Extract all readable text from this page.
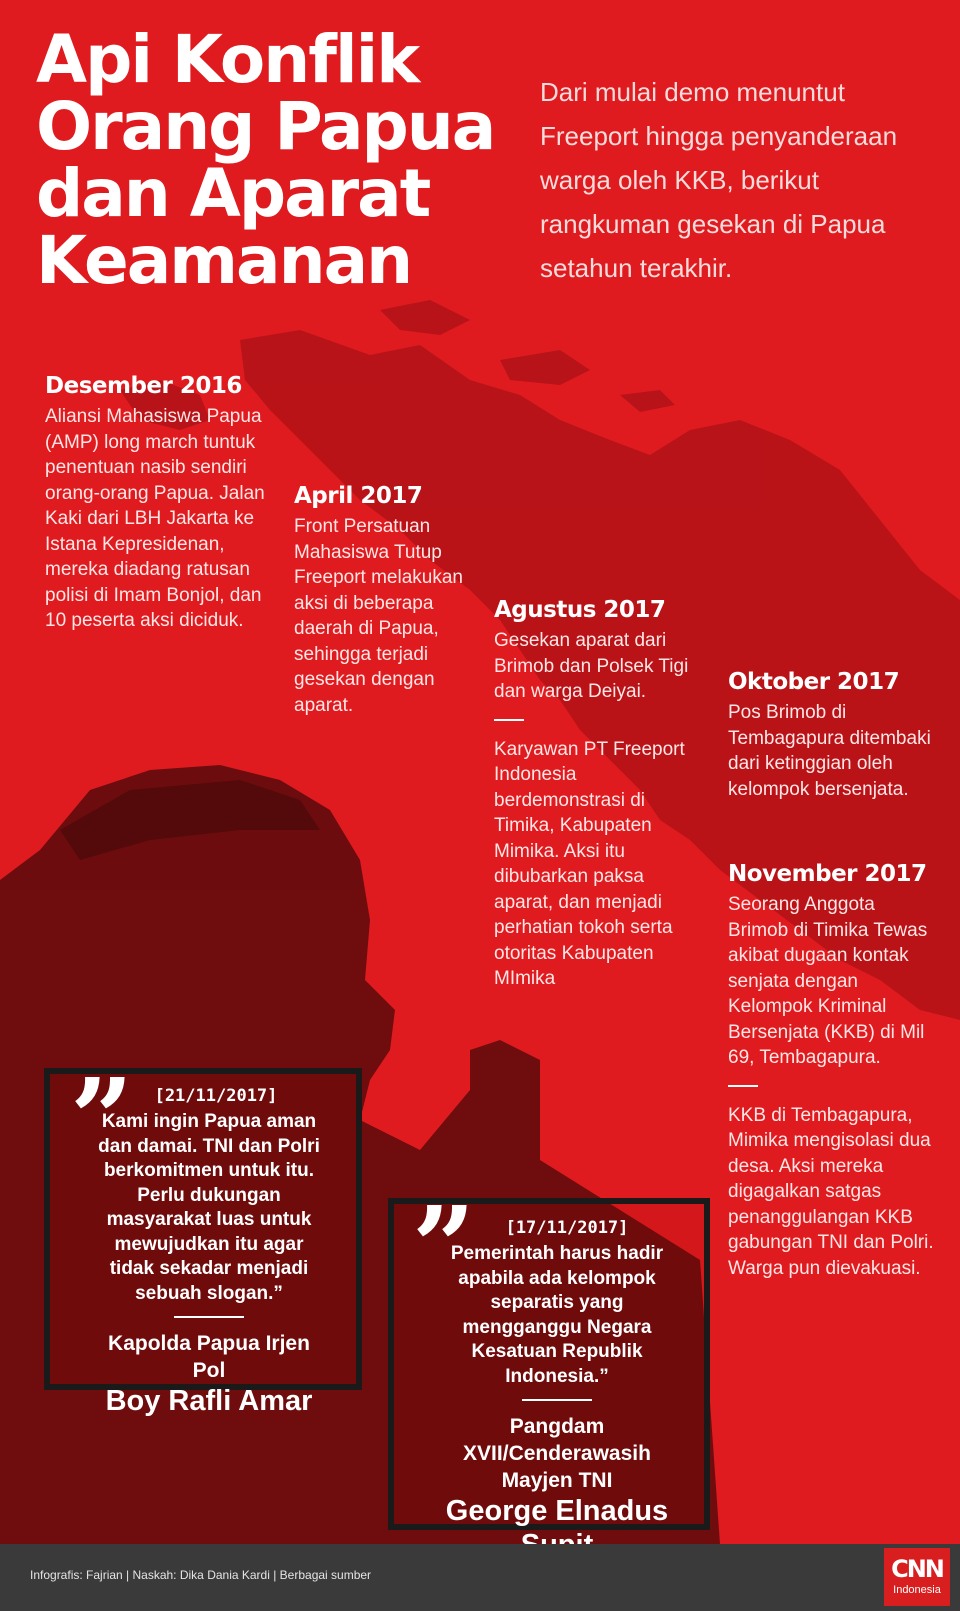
Api Konflik Orang Papua dan Aparat Keamanan

Dari mulai demo menuntut Freeport hingga penyanderaan warga oleh KKB, berikut rangkuman gesekan di Papua setahun terakhir.

Desember 2016

Aliansi Mahasiswa Papua (AMP) long march tuntuk penentuan nasib sendiri orang-orang Papua. Jalan Kaki dari LBH Jakarta ke Istana Kepresidenan, mereka diadang ratusan polisi di Imam Bonjol, dan 10 peserta aksi diciduk.

April 2017

Front Persatuan Mahasiswa Tutup Freeport melakukan aksi di beberapa daerah di Papua, sehingga terjadi gesekan dengan aparat.

Agustus 2017

Gesekan aparat dari Brimob dan Polsek Tigi dan warga Deiyai.

Karyawan PT Freeport Indonesia berdemonstrasi di Timika, Kabupaten Mimika. Aksi itu dibubarkan paksa aparat, dan menjadi perhatian tokoh serta otoritas Kabupaten MImika

Oktober 2017

Pos Brimob di Tembagapura ditembaki dari ketinggian oleh kelompok bersenjata.

November 2017

Seorang Anggota Brimob di Timika Tewas akibat dugaan kontak senjata dengan Kelompok Kriminal Bersenjata (KKB) di Mil 69, Tembagapura.

KKB di Tembagapura, Mimika mengisolasi dua desa. Aksi mereka digagalkan satgas penanggulangan KKB gabungan TNI dan Polri. Warga pun dievakuasi.

”	[21/11/2017]
Kami ingin Papua aman dan damai. TNI dan Polri berkomitmen untuk itu. Perlu dukungan masyarakat luas untuk mewujudkan itu agar tidak sekadar menjadi sebuah slogan.”
Kapolda Papua Irjen Pol
Boy Rafli Amar
”	[17/11/2017]
Pemerintah harus hadir apabila ada kelompok separatis yang mengganggu Negara Kesatuan Republik Indonesia.”
Pangdam XVII/Cenderawasih
Mayjen TNI
George Elnadus
Infografis: Fajrian | Naskah: Dika Dania Kardi | Berbagai sumber	CNN
Indonesia
